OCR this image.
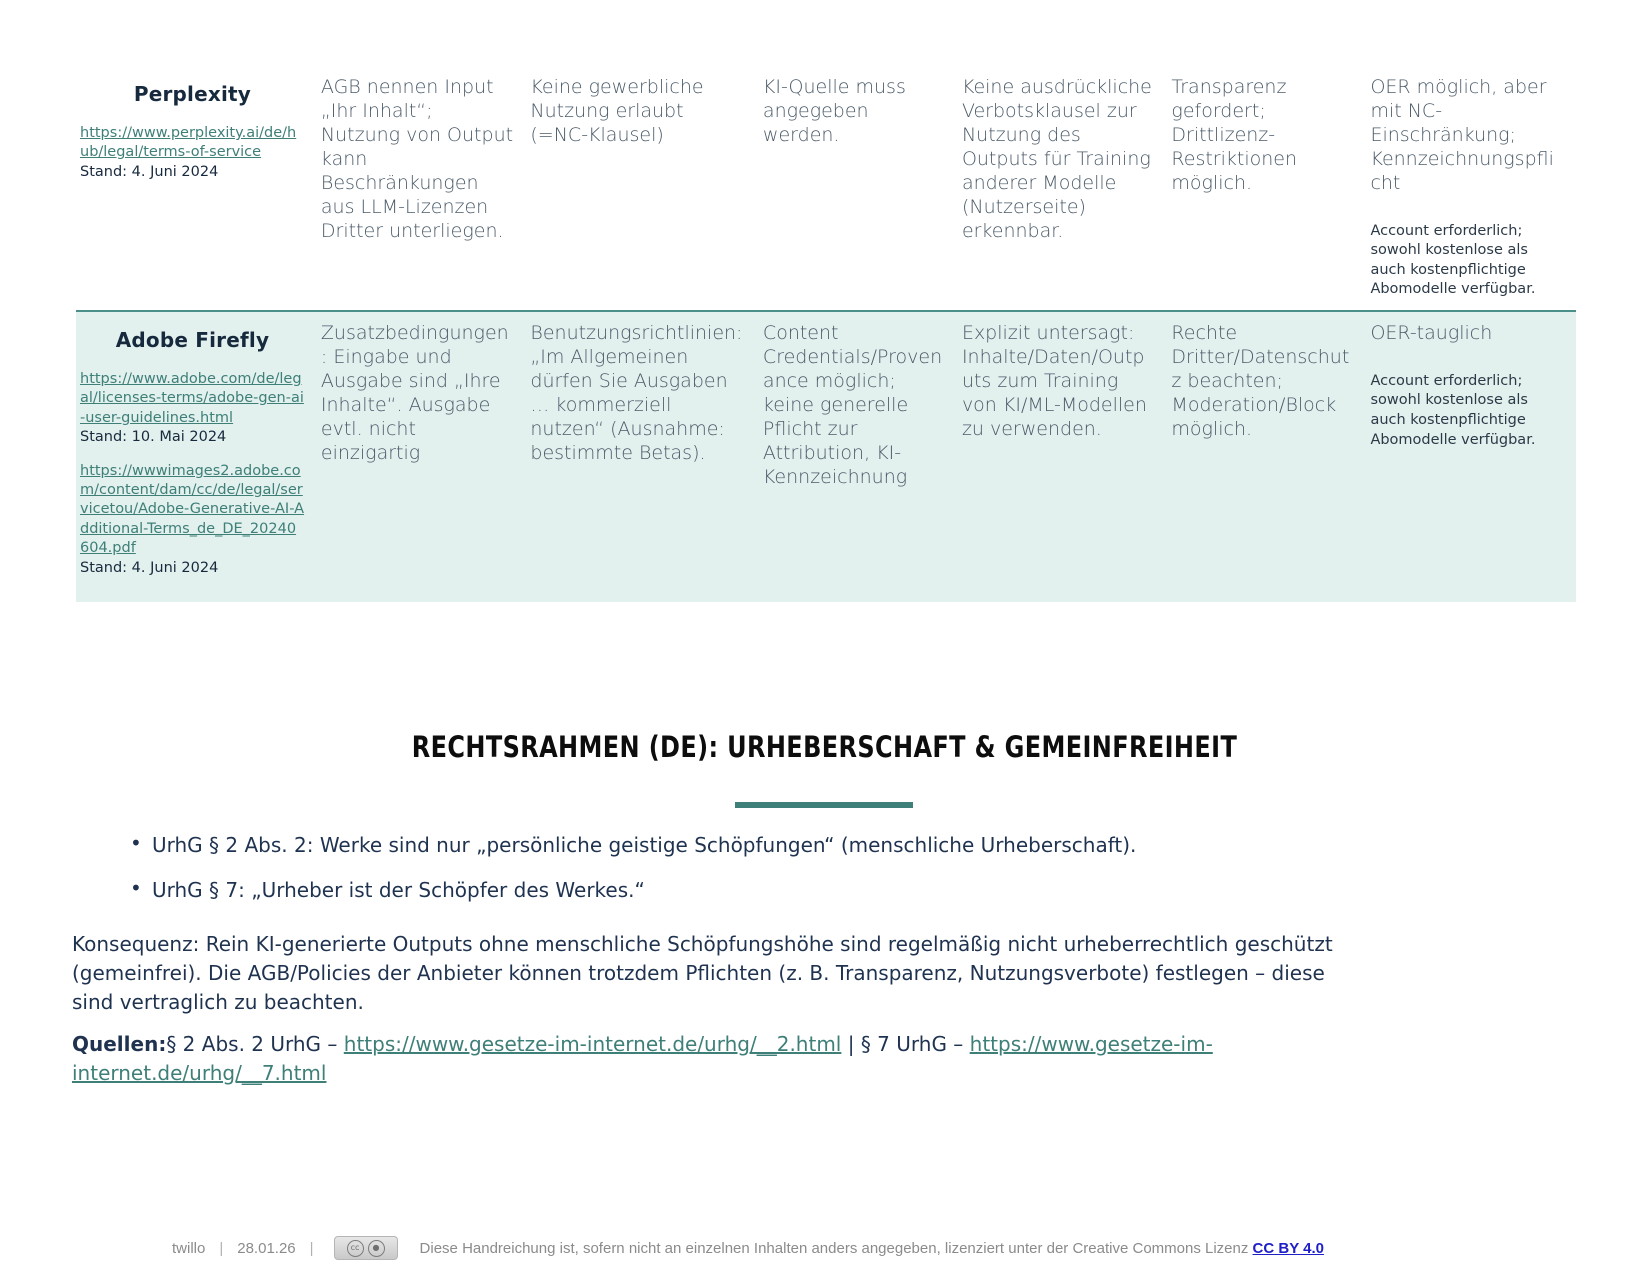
Perplexity
https://www.perplexity.ai/de/hub/legal/terms-of-service
Stand: 4. Juni 2024	AGB nennen Input „Ihr Inhalt“; Nutzung von Output kann Beschränkungen aus LLM-Lizenzen Dritter unterliegen.	Keine gewerbliche Nutzung erlaubt (=NC-Klausel)	KI-Quelle muss angegeben werden.	Keine ausdrückliche Verbotsklausel zur Nutzung des Outputs für Training anderer Modelle (Nutzerseite) erkennbar.	Transparenz gefordert; Drittlizenz-Restriktionen möglich.	OER möglich, aber mit NC-Einschränkung; Kennzeichnungspflicht
Account erforderlich; sowohl kostenlose als auch kostenpflichtige Abomodelle verfügbar.

Adobe Firefly
https://www.adobe.com/de/legal/licenses-terms/adobe-gen-ai-user-guidelines.html
Stand: 10. Mai 2024
https://wwwimages2.adobe.com/content/dam/cc/de/legal/servicetou/Adobe-Generative-AI-Additional-Terms_de_DE_20240604.pdf
Stand: 4. Juni 2024	Zusatzbedingungen: Eingabe und Ausgabe sind „Ihre Inhalte“. Ausgabe evtl. nicht einzigartig	Benutzungsrichtlinien: „Im Allgemeinen dürfen Sie Ausgaben … kommerziell nutzen“ (Ausnahme: bestimmte Betas).	Content Credentials/Provenance möglich; keine generelle Pflicht zur Attribution, KI-Kennzeichnung	Explizit untersagt: Inhalte/Daten/Outputs zum Training von KI/ML-Modellen zu verwenden.	Rechte Dritter/Datenschutz beachten; Moderation/Block möglich.	OER-tauglich
Account erforderlich; sowohl kostenlose als auch kostenpflichtige Abomodelle verfügbar.
RECHTSRAHMEN (DE): URHEBERSCHAFT & GEMEINFREIHEIT
• UrhG § 2 Abs. 2: Werke sind nur „persönliche geistige Schöpfungen“ (menschliche Urheberschaft).
• UrhG § 7: „Urheber ist der Schöpfer des Werkes.“

Konsequenz: Rein KI-generierte Outputs ohne menschliche Schöpfungshöhe sind regelmäßig nicht urheberrechtlich geschützt (gemeinfrei). Die AGB/Policies der Anbieter können trotzdem Pflichten (z. B. Transparenz, Nutzungsverbote) festlegen – diese sind vertraglich zu beachten.

Quellen:§ 2 Abs. 2 UrhG – https://www.gesetze-im-internet.de/urhg/__2.html | § 7 UrhG – https://www.gesetze-im-internet.de/urhg/__7.html

twillo | 28.01.26 |	cc	●	Diese Handreichung ist, sofern nicht an einzelnen Inhalten anders angegeben, lizenziert unter der Creative Commons Lizenz CC BY 4.0
